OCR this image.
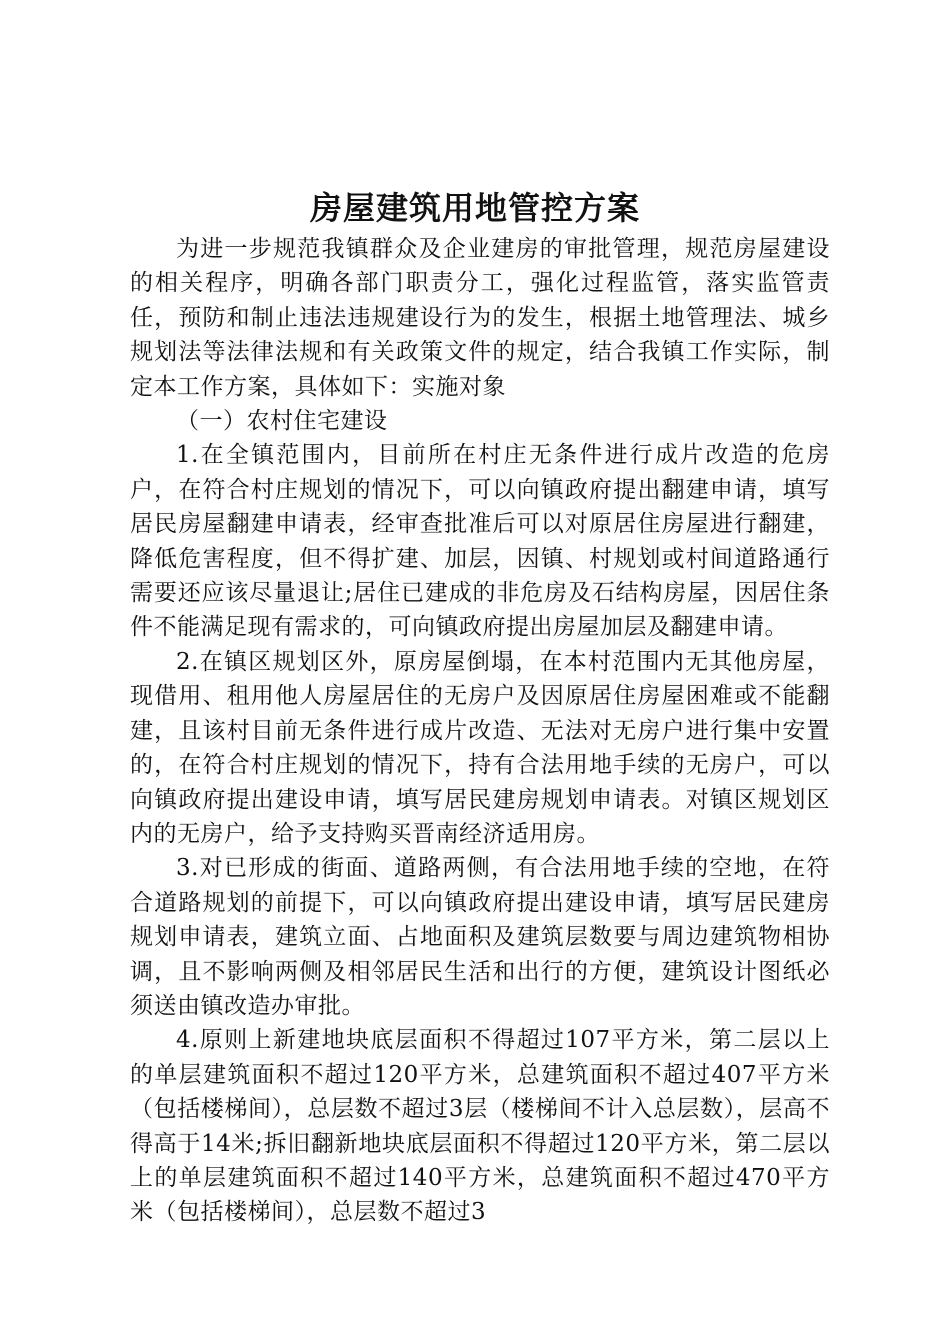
房屋建筑用地管控方案

为进一步规范我镇群众及企业建房的审批管理，规范房屋建设的相关程序，明确各部门职责分工，强化过程监管，落实监管责任，预防和制止违法违规建设行为的发生，根据土地管理法、城乡规划法等法律法规和有关政策文件的规定，结合我镇工作实际，制定本工作方案，具体如下：实施对象

（一）农村住宅建设

1.在全镇范围内，目前所在村庄无条件进行成片改造的危房户，在符合村庄规划的情况下，可以向镇政府提出翻建申请，填写居民房屋翻建申请表，经审查批准后可以对原居住房屋进行翻建，降低危害程度，但不得扩建、加层，因镇、村规划或村间道路通行需要还应该尽量退让;居住已建成的非危房及石结构房屋，因居住条件不能满足现有需求的，可向镇政府提出房屋加层及翻建申请。

2.在镇区规划区外，原房屋倒塌，在本村范围内无其他房屋，现借用、租用他人房屋居住的无房户及因原居住房屋困难或不能翻建，且该村目前无条件进行成片改造、无法对无房户进行集中安置的，在符合村庄规划的情况下，持有合法用地手续的无房户，可以向镇政府提出建设申请，填写居民建房规划申请表。对镇区规划区内的无房户，给予支持购买晋南经济适用房。

3.对已形成的街面、道路两侧，有合法用地手续的空地，在符合道路规划的前提下，可以向镇政府提出建设申请，填写居民建房规划申请表，建筑立面、占地面积及建筑层数要与周边建筑物相协调，且不影响两侧及相邻居民生活和出行的方便，建筑设计图纸必须送由镇改造办审批。

4.原则上新建地块底层面积不得超过107平方米，第二层以上的单层建筑面积不超过120平方米，总建筑面积不超过407平方米（包括楼梯间），总层数不超过3层（楼梯间不计入总层数），层高不得高于14米;拆旧翻新地块底层面积不得超过120平方米，第二层以上的单层建筑面积不超过140平方米，总建筑面积不超过470平方米（包括楼梯间），总层数不超过3
